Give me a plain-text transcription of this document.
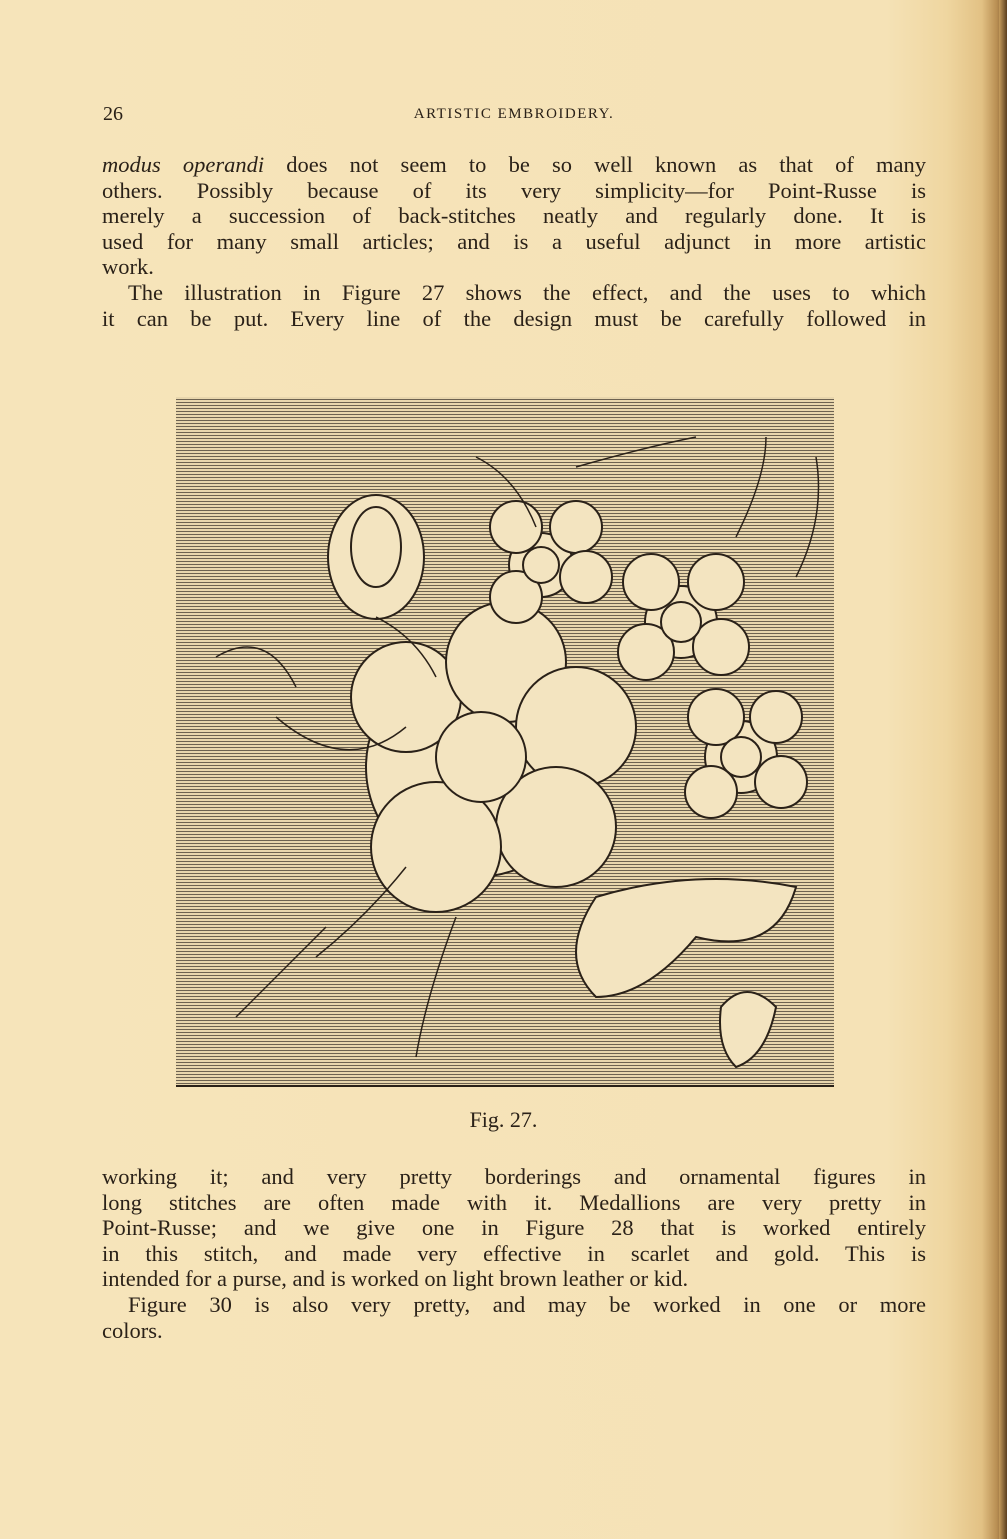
26	ARTISTIC EMBROIDERY.
modus operandi does not seem to be so well known as that of many
others. Possibly because of its very simplicity—for Point-Russe is
merely a succession of back-stitches neatly and regularly done. It is
used for many small articles; and is a useful adjunct in more artistic
work.
The illustration in Figure 27 shows the effect, and the uses to which
it can be put. Every line of the design must be carefully followed in
Fig. 27.
working it; and very pretty borderings and ornamental figures in
long stitches are often made with it. Medallions are very pretty in
Point-Russe; and we give one in Figure 28 that is worked entirely
in this stitch, and made very effective in scarlet and gold. This is
intended for a purse, and is worked on light brown leather or kid.
Figure 30 is also very pretty, and may be worked in one or more
colors.
